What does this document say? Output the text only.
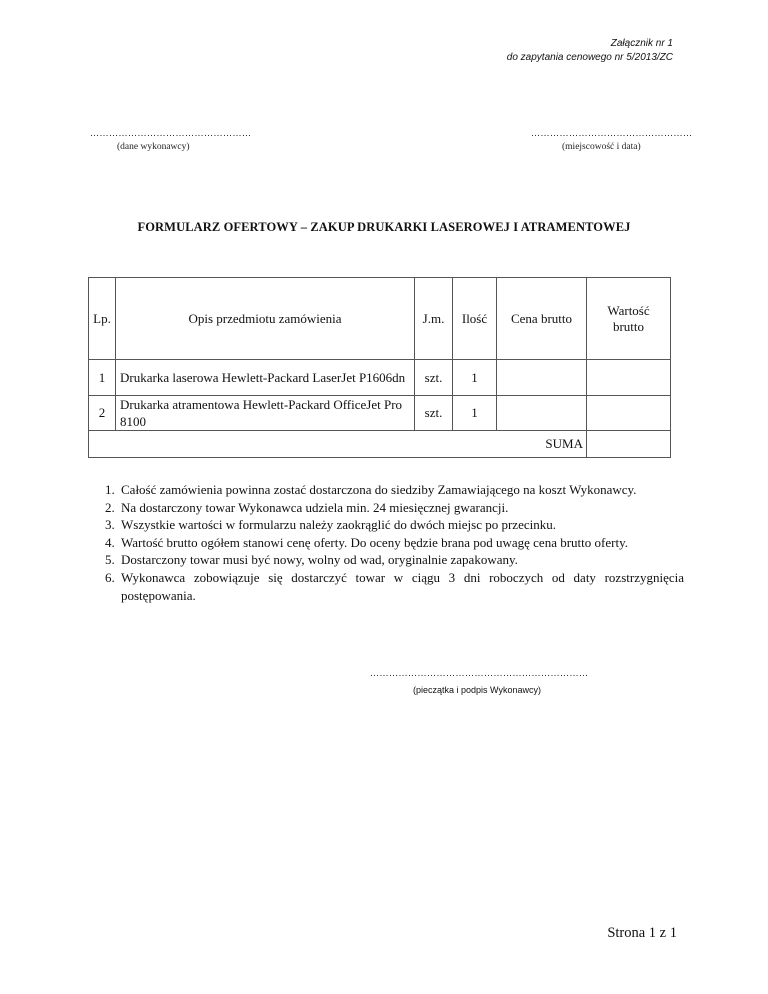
Załącznik nr 1
do zapytania cenowego nr 5/2013/ZC
……………………………………………
(dane wykonawcy)
……………………………………………
(miejscowość i data)
FORMULARZ OFERTOWY – ZAKUP DRUKARKI LASEROWEJ I ATRAMENTOWEJ
Lp.	Opis przedmiotu zamówienia	J.m.	Ilość	Cena brutto	Wartość brutto
1	Drukarka laserowa Hewlett-Packard LaserJet P1606dn	szt.	1		
2	Drukarka atramentowa Hewlett-Packard OfficeJet Pro 8100	szt.	1		
SUMA					
1. Całość zamówienia powinna zostać dostarczona do siedziby Zamawiającego na koszt Wykonawcy.
2. Na dostarczony towar Wykonawca udziela min. 24 miesięcznej gwarancji.
3. Wszystkie wartości w formularzu należy zaokrąglić do dwóch miejsc po przecinku.
4. Wartość brutto ogółem stanowi cenę oferty. Do oceny będzie brana pod uwagę cena brutto oferty.
5. Dostarczony towar musi być nowy, wolny od wad, oryginalnie zapakowany.
6. Wykonawca zobowiązuje się dostarczyć towar w ciągu 3 dni roboczych od daty rozstrzygnięcia postępowania.
……………………………………………………………
(pieczątka i podpis Wykonawcy)
Strona 1 z 1
